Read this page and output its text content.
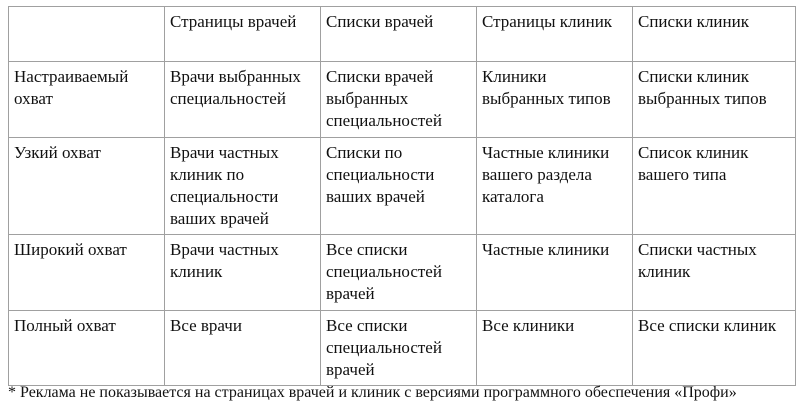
	Страницы врачей	Списки врачей	Страницы клиник	Списки клиник
Настраиваемый охват	Врачи выбранных специальностей	Списки врачей выбранных специальностей	Клиники выбранных типов	Списки клиник выбранных типов
Узкий охват	Врачи частных клиник по специальности ваших врачей	Списки по специальности ваших врачей	Частные клиники вашего раздела каталога	Список клиник вашего типа
Широкий охват	Врачи частных клиник	Все списки специальностей врачей	Частные клиники	Списки частных клиник
Полный охват	Все врачи	Все списки специальностей врачей	Все клиники	Все списки клиник
* Реклама не показывается на страницах врачей и клиник с версиями программного обеспечения «Профи»
